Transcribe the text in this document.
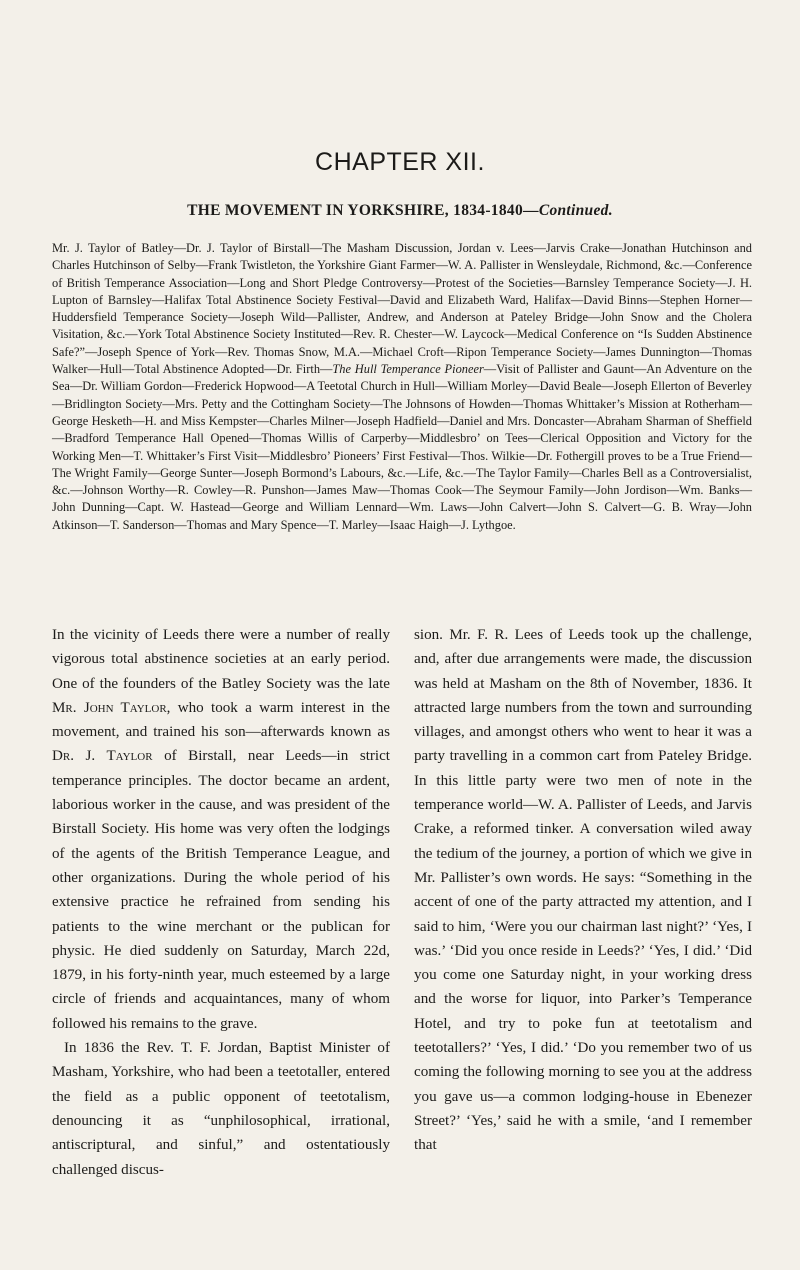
CHAPTER XII.
THE MOVEMENT IN YORKSHIRE, 1834-1840—Continued.

Mr. J. Taylor of Batley—Dr. J. Taylor of Birstall—The Masham Discussion, Jordan v. Lees—Jarvis Crake—Jonathan Hutchinson and Charles Hutchinson of Selby—Frank Twistleton, the Yorkshire Giant Farmer—W. A. Pallister in Wensleydale, Richmond, &c.—Conference of British Temperance Association—Long and Short Pledge Controversy—Protest of the Societies—Barnsley Temperance Society—J. H. Lupton of Barnsley—Halifax Total Abstinence Society Festival—David and Elizabeth Ward, Halifax—David Binns—Stephen Horner—Huddersfield Temperance Society—Joseph Wild—Pallister, Andrew, and Anderson at Pateley Bridge—John Snow and the Cholera Visitation, &c.—York Total Abstinence Society Instituted—Rev. R. Chester—W. Laycock—Medical Conference on “Is Sudden Abstinence Safe?”—Joseph Spence of York—Rev. Thomas Snow, M.A.—Michael Croft—Ripon Temperance Society—James Dunnington—Thomas Walker—Hull—Total Abstinence Adopted—Dr. Firth—The Hull Temperance Pioneer—Visit of Pallister and Gaunt—An Adventure on the Sea—Dr. William Gordon—Frederick Hopwood—A Teetotal Church in Hull—William Morley—David Beale—Joseph Ellerton of Beverley—Bridlington Society—Mrs. Petty and the Cottingham Society—The Johnsons of Howden—Thomas Whittaker’s Mission at Rotherham—George Hesketh—H. and Miss Kempster—Charles Milner—Joseph Hadfield—Daniel and Mrs. Doncaster—Abraham Sharman of Sheffield—Bradford Temperance Hall Opened—Thomas Willis of Carperby—Middlesbro’ on Tees—Clerical Opposition and Victory for the Working Men—T. Whittaker’s First Visit—Middlesbro’ Pioneers’ First Festival—Thos. Wilkie—Dr. Fothergill proves to be a True Friend—The Wright Family—George Sunter—Joseph Bormond’s Labours, &c.—Life, &c.—The Taylor Family—Charles Bell as a Controversialist, &c.—Johnson Worthy—R. Cowley—R. Punshon—James Maw—Thomas Cook—The Seymour Family—John Jordison—Wm. Banks—John Dunning—Capt. W. Hastead—George and William Lennard—Wm. Laws—John Calvert—John S. Calvert—G. B. Wray—John Atkinson—T. Sanderson—Thomas and Mary Spence—T. Marley—Isaac Haigh—J. Lythgoe.

In the vicinity of Leeds there were a number of really vigorous total abstinence societies at an early period. One of the founders of the Batley Society was the late Mr. John Taylor, who took a warm interest in the movement, and trained his son—afterwards known as Dr. J. Taylor of Birstall, near Leeds—in strict temperance principles. The doctor became an ardent, laborious worker in the cause, and was president of the Birstall Society. His home was very often the lodgings of the agents of the British Temperance League, and other organizations. During the whole period of his extensive practice he refrained from sending his patients to the wine merchant or the publican for physic. He died suddenly on Saturday, March 22d, 1879, in his forty-ninth year, much esteemed by a large circle of friends and acquaintances, many of whom followed his remains to the grave.

In 1836 the Rev. T. F. Jordan, Baptist Minister of Masham, Yorkshire, who had been a teetotaller, entered the field as a public opponent of teetotalism, denouncing it as “unphilosophical, irrational, antiscriptural, and sinful,” and ostentatiously challenged discus-

sion. Mr. F. R. Lees of Leeds took up the challenge, and, after due arrangements were made, the discussion was held at Masham on the 8th of November, 1836. It attracted large numbers from the town and surrounding villages, and amongst others who went to hear it was a party travelling in a common cart from Pateley Bridge. In this little party were two men of note in the temperance world—W. A. Pallister of Leeds, and Jarvis Crake, a reformed tinker. A conversation wiled away the tedium of the journey, a portion of which we give in Mr. Pallister’s own words. He says: “Something in the accent of one of the party attracted my attention, and I said to him, ‘Were you our chairman last night?’ ‘Yes, I was.’ ‘Did you once reside in Leeds?’ ‘Yes, I did.’ ‘Did you come one Saturday night, in your working dress and the worse for liquor, into Parker’s Temperance Hotel, and try to poke fun at teetotalism and teetotallers?’ ‘Yes, I did.’ ‘Do you remember two of us coming the following morning to see you at the address you gave us—a common lodging-house in Ebenezer Street?’ ‘Yes,’ said he with a smile, ‘and I remember that
